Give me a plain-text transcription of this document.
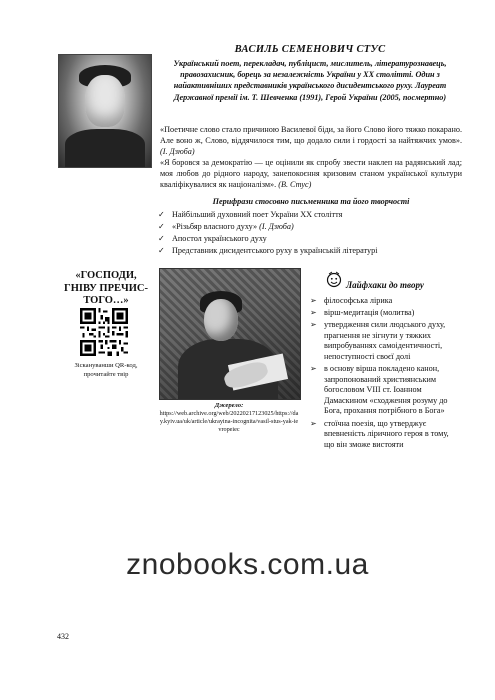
ВАСИЛЬ СЕМЕНОВИЧ СТУС
Український поет, перекладач, публіцист, мислитель, літературознавець, правозахисник, борець за незалежність України у ХХ столітті. Один з найактивніших представників українського дисидентського руху. Лауреат Державної премії ім. Т. Шевченка (1991), Герой України (2005, посмертно)
«Поетичне слово стало причиною Василевої біди, за його Слово його тяжко покарано. Але воно ж, Слово, віддячилося тим, що додало сили і гордості за найтяжчих умов». (І. Дзюба)
«Я боровся за демократію — це оцінили як спробу звести наклеп на радянський лад; моя любов до рідного народу, занепокоєння кризовим станом української культури кваліфікувалися як націоналізм». (В. Стус)
Перифрази стосовно письменника та його творчості
✓ Найбільший духовний поет України ХХ століття
✓ «Різьбяр власного духу» (І. Дзюба)
✓ Апостол українського духу
✓ Представник дисидентського руху в українській літературі
«ГОСПОДИ, ГНІВУ ПРЕЧИС-ТОГО…»
Зіскануванши QR-код, прочитайте твір
Джерело:
https://web.archive.org/web/20220217123025/https://day.kyiv.ua/uk/article/ukrayina-incognita/vasil-stus-yak-ievropeiec
Лайфхаки до твору
➢ філософська лірика
➢ вірш-медитація (молитва)
➢ утвердження сили людського духу, прагнення не зігнути у тяжких випробуваннях самоідентичності, непоступності своєї долі
➢ в основу вірша покладено канон, запропонований християнським богословом VIII ст. Іоанном Дамаскином «сходження розуму до Бога, прохання потрібного в Бога»
➢ стоїчна поезія, що утверджує впевненість ліричного героя в тому, що він зможе вистояти
znobooks.com.ua
432
